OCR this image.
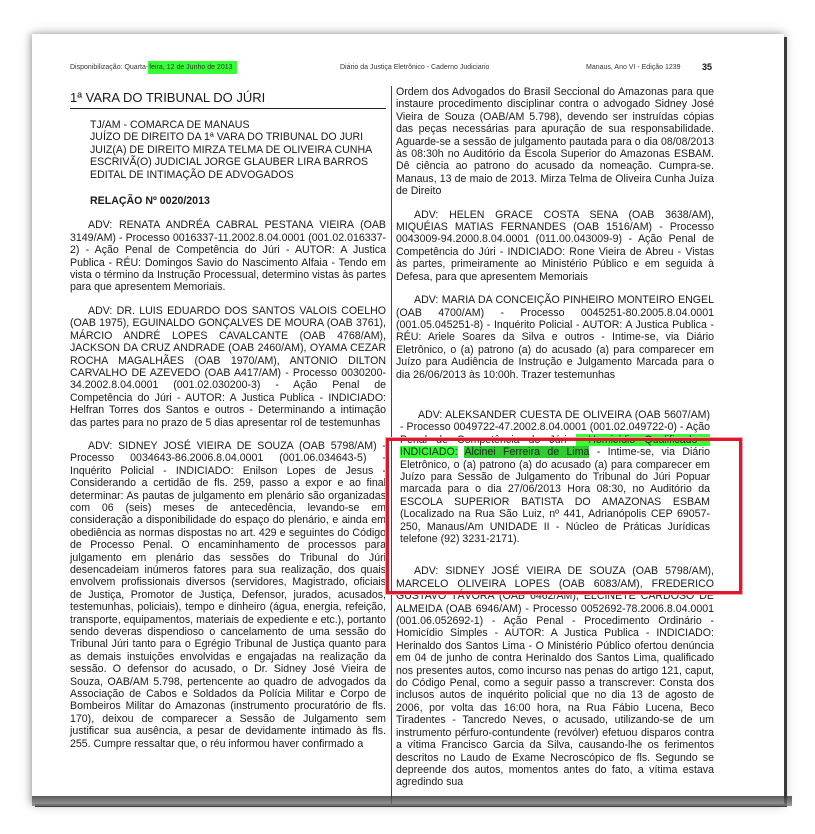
Disponibilização: Quarta-feira, 12 de Junho de 2013	Diário da Justiça Eletrônico - Caderno Judiciario	Manaus, Ano VI - Edição 1239 35
1ª VARA DO TRIBUNAL DO JÚRI
TJ/AM - COMARCA DE MANAUS
JUÍZO DE DIREITO DA 1ª VARA DO TRIBUNAL DO JURI
JUIZ(A) DE DIREITO MIRZA TELMA DE OLIVEIRA CUNHA
ESCRIVÃ(O) JUDICIAL JORGE GLAUBER LIRA BARROS
EDITAL DE INTIMAÇÃO DE ADVOGADOS
RELAÇÃO Nº 0020/2013

ADV: RENATA ANDRÉA CABRAL PESTANA VIEIRA (OAB 3149/AM) - Processo 0016337-11.2002.8.04.0001 (001.02.016337-2) - Ação Penal de Competência do Júri - AUTOR: A Justica Publica - RÉU: Domingos Savio do Nascimento Alfaia - Tendo em vista o término da Instrução Processual, determino vistas às partes para que apresentem Memoriais.

ADV: DR. LUIS EDUARDO DOS SANTOS VALOIS COELHO (OAB 1975), EGUINALDO GONÇALVES DE MOURA (OAB 3761), MÁRCIO ANDRÉ LOPES CAVALCANTE (OAB 4768/AM), JACKSON DA CRUZ ANDRADE (OAB 2460/AM), OYAMA CEZAR ROCHA MAGALHÃES (OAB 1970/AM), ANTONIO DILTON CARVALHO DE AZEVEDO (OAB A417/AM) - Processo 0030200-34.2002.8.04.0001 (001.02.030200-3) - Ação Penal de Competência do Júri - AUTOR: A Justica Publica - INDICIADO: Helfran Torres dos Santos e outros - Determinando a intimação das partes para no prazo de 5 dias apresentar rol de testemunhas

ADV: SIDNEY JOSÉ VIEIRA DE SOUZA (OAB 5798/AM) - Processo 0034643-86.2006.8.04.0001 (001.06.034643-5) - Inquérito Policial - INDICIADO: Enilson Lopes de Jesus - Considerando a certidão de fls. 259, passo a expor e ao final determinar: As pautas de julgamento em plenário são organizadas com 06 (seis) meses de antecedência, levando-se em consideração a disponibilidade do espaço do plenário, e ainda em obediência as normas dispostas no art. 429 e seguintes do Código de Processo Penal. O encaminhamento de processos para julgamento em plenário das sessões do Tribunal do Júri desencadeiam inúmeros fatores para sua realização, dos quais envolvem profissionais diversos (servidores, Magistrado, oficiais de Justiça, Promotor de Justiça, Defensor, jurados, acusados, testemunhas, policiais), tempo e dinheiro (água, energia, refeição, transporte, equipamentos, materiais de expediente e etc.), portanto sendo deveras dispendioso o cancelamento de uma sessão do Tribunal Júri tanto para o Egrégio Tribunal de Justiça quanto para as demais instuições envolvidas e engajadas na realização da sessão. O defensor do acusado, o Dr. Sidney José Vieira de Souza, OAB/AM 5.798, pertencente ao quadro de advogados da Associação de Cabos e Soldados da Polícia Militar e Corpo de Bombeiros Militar do Amazonas (instrumento procuratório de fls. 170), deixou de comparecer a Sessão de Julgamento sem justificar sua ausência, a pesar de devidamente intimado às fls. 255. Cumpre ressaltar que, o réu informou haver confirmado a

Ordem dos Advogados do Brasil Seccional do Amazonas para que instaure procedimento disciplinar contra o advogado Sidney José Vieira de Souza (OAB/AM 5.798), devendo ser instruídas cópias das peças necessárias para apuração de sua responsabilidade. Aguarde-se a sessão de julgamento pautada para o dia 08/08/2013 às 08:30h no Auditório da Escola Superior do Amazonas ESBAM. Dê ciência ao patrono do acusado da nomeação. Cumpra-se. Manaus, 13 de maio de 2013. Mirza Telma de Oliveira Cunha Juíza de Direito

ADV: HELEN GRACE COSTA SENA (OAB 3638/AM), MIQUÉIAS MATIAS FERNANDES (OAB 1516/AM) - Processo 0043009-94.2000.8.04.0001 (011.00.043009-9) - Ação Penal de Competência do Júri - INDICIADO: Rone Vieira de Abreu - Vistas às partes, primeiramente ao Ministério Público e em seguida à Defesa, para que apresentem Memoriais

ADV: MARIA DA CONCEIÇÃO PINHEIRO MONTEIRO ENGEL (OAB 4700/AM) - Processo 0045251-80.2005.8.04.0001 (001.05.045251-8) - Inquérito Policial - AUTOR: A Justica Publica - RÉU: Ariele Soares da Silva e outros - Intime-se, via Diário Eletrônico, o (a) patrono (a) do acusado (a) para comparecer em Juízo para Audiência de Instrução e Julgamento Marcada para o dia 26/06/2013 às 10:00h. Trazer testemunhas

ADV: ALEKSANDER CUESTA DE OLIVEIRA (OAB 5607/AM) - Processo 0049722-47.2002.8.04.0001 (001.02.049722-0) - Ação Penal de Competência do Júri - Homicídio Qualificado - INDICIADO: Alcinei Ferreira de Lima - Intime-se, via Diário Eletrônico, o (a) patrono (a) do acusado (a) para comparecer em Juízo para Sessão de Julgamento do Tribunal do Júri Popuar marcada para o dia 27/06/2013 Hora 08:30, no Auditório da ESCOLA SUPERIOR BATISTA DO AMAZONAS ESBAM (Localizado na Rua São Luiz, nº 441, Adrianópolis CEP 69057-250, Manaus/Am UNIDADE II - Núcleo de Práticas Jurídicas telefone (92) 3231-2171).

ADV: SIDNEY JOSÉ VIEIRA DE SOUZA (OAB 5798/AM), MARCELO OLIVEIRA LOPES (OAB 6083/AM), FREDERICO GUSTAVO TÁVORA (OAB 6462/AM), ELCINETE CARDOSO DE ALMEIDA (OAB 6946/AM) - Processo 0052692-78.2006.8.04.0001 (001.06.052692-1) - Ação Penal - Procedimento Ordinário - Homicídio Simples - AUTOR: A Justica Publica - INDICIADO: Herinaldo dos Santos Lima - O Ministério Público ofertou denúncia em 04 de junho de contra Herinaldo dos Santos Lima, qualificado nos presentes autos, como incurso nas penas do artigo 121, caput, do Código Penal, como a seguir passo a transcrever: Consta dos inclusos autos de inquérito policial que no dia 13 de agosto de 2006, por volta das 16:00 hora, na Rua Fábio Lucena, Beco Tiradentes - Tancredo Neves, o acusado, utilizando-se de um instrumento pérfuro-contundente (revólver) efetuou disparos contra a vítima Francisco Garcia da Silva, causando-lhe os ferimentos descritos no Laudo de Exame Necroscópico de fls. Segundo se depreende dos autos, momentos antes do fato, a vítima estava agredindo sua
